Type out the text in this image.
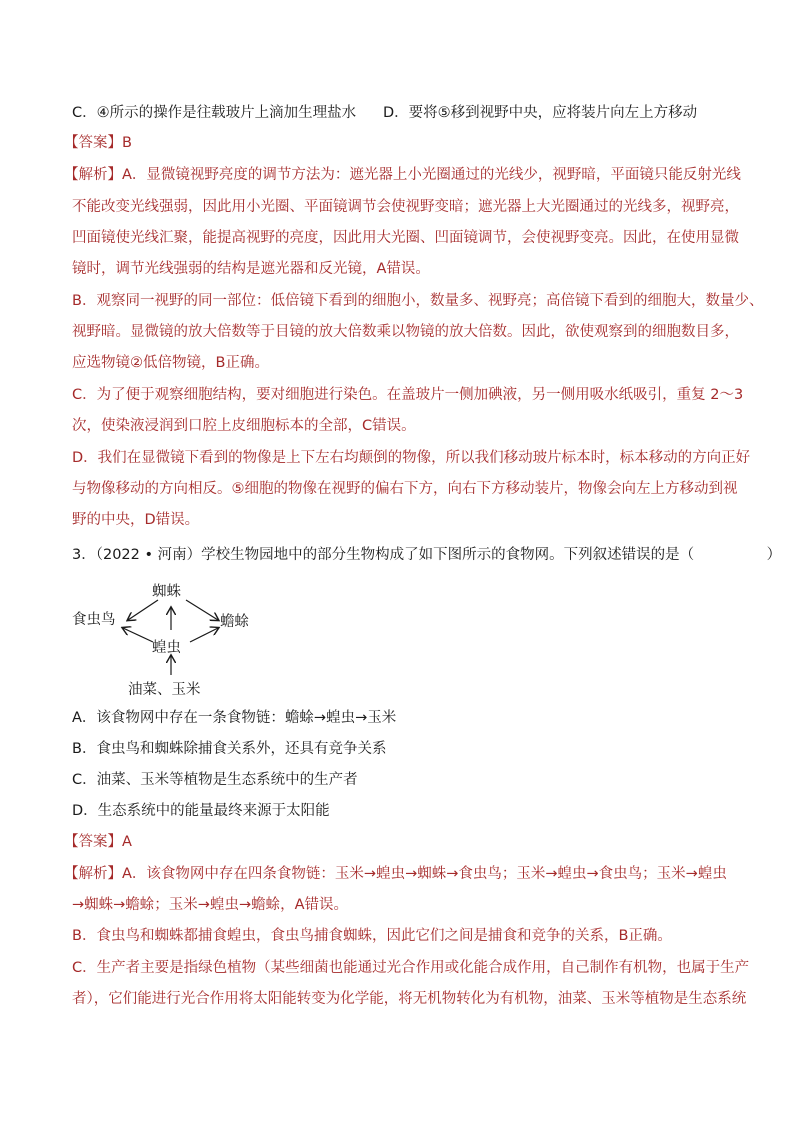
C．④所示的操作是往载玻片上滴加生理盐水 D．要将⑤移到视野中央，应将装片向左上方移动
【答案】B
【解析】A．显微镜视野亮度的调节方法为：遮光器上小光圈通过的光线少，视野暗，平面镜只能反射光线
不能改变光线强弱，因此用小光圈、平面镜调节会使视野变暗；遮光器上大光圈通过的光线多，视野亮，
凹面镜使光线汇聚，能提高视野的亮度，因此用大光圈、凹面镜调节，会使视野变亮。因此，在使用显微
镜时，调节光线强弱的结构是遮光器和反光镜，A错误。
B．观察同一视野的同一部位：低倍镜下看到的细胞小，数量多、视野亮；高倍镜下看到的细胞大，数量少、
视野暗。显微镜的放大倍数等于目镜的放大倍数乘以物镜的放大倍数。因此，欲使观察到的细胞数目多，
应选物镜②低倍物镜，B正确。
C．为了便于观察细胞结构，要对细胞进行染色。在盖玻片一侧加碘液，另一侧用吸水纸吸引，重复 2～3
次，使染液浸润到口腔上皮细胞标本的全部，C错误。
D．我们在显微镜下看到的物像是上下左右均颠倒的物像，所以我们移动玻片标本时，标本移动的方向正好
与物像移动的方向相反。⑤细胞的物像在视野的偏右下方，向右下方移动装片，物像会向左上方移动到视
野的中央，D错误。
3．（2022 • 河南）学校生物园地中的部分生物构成了如下图所示的食物网。下列叙述错误的是（　　　　　）
蜘蛛
食虫鸟	蟾蜍
蝗虫
油菜、玉米
A．该食物网中存在一条食物链：蟾蜍→蝗虫→玉米
B．食虫鸟和蜘蛛除捕食关系外，还具有竞争关系
C．油菜、玉米等植物是生态系统中的生产者
D．生态系统中的能量最终来源于太阳能
【答案】A
【解析】A．该食物网中存在四条食物链：玉米→蝗虫→蜘蛛→食虫鸟；玉米→蝗虫→食虫鸟；玉米→蝗虫
→蜘蛛→蟾蜍；玉米→蝗虫→蟾蜍，A错误。
B．食虫鸟和蜘蛛都捕食蝗虫，食虫鸟捕食蜘蛛，因此它们之间是捕食和竞争的关系，B正确。
C．生产者主要是指绿色植物（某些细菌也能通过光合作用或化能合成作用，自己制作有机物，也属于生产
者），它们能进行光合作用将太阳能转变为化学能，将无机物转化为有机物，油菜、玉米等植物是生态系统
